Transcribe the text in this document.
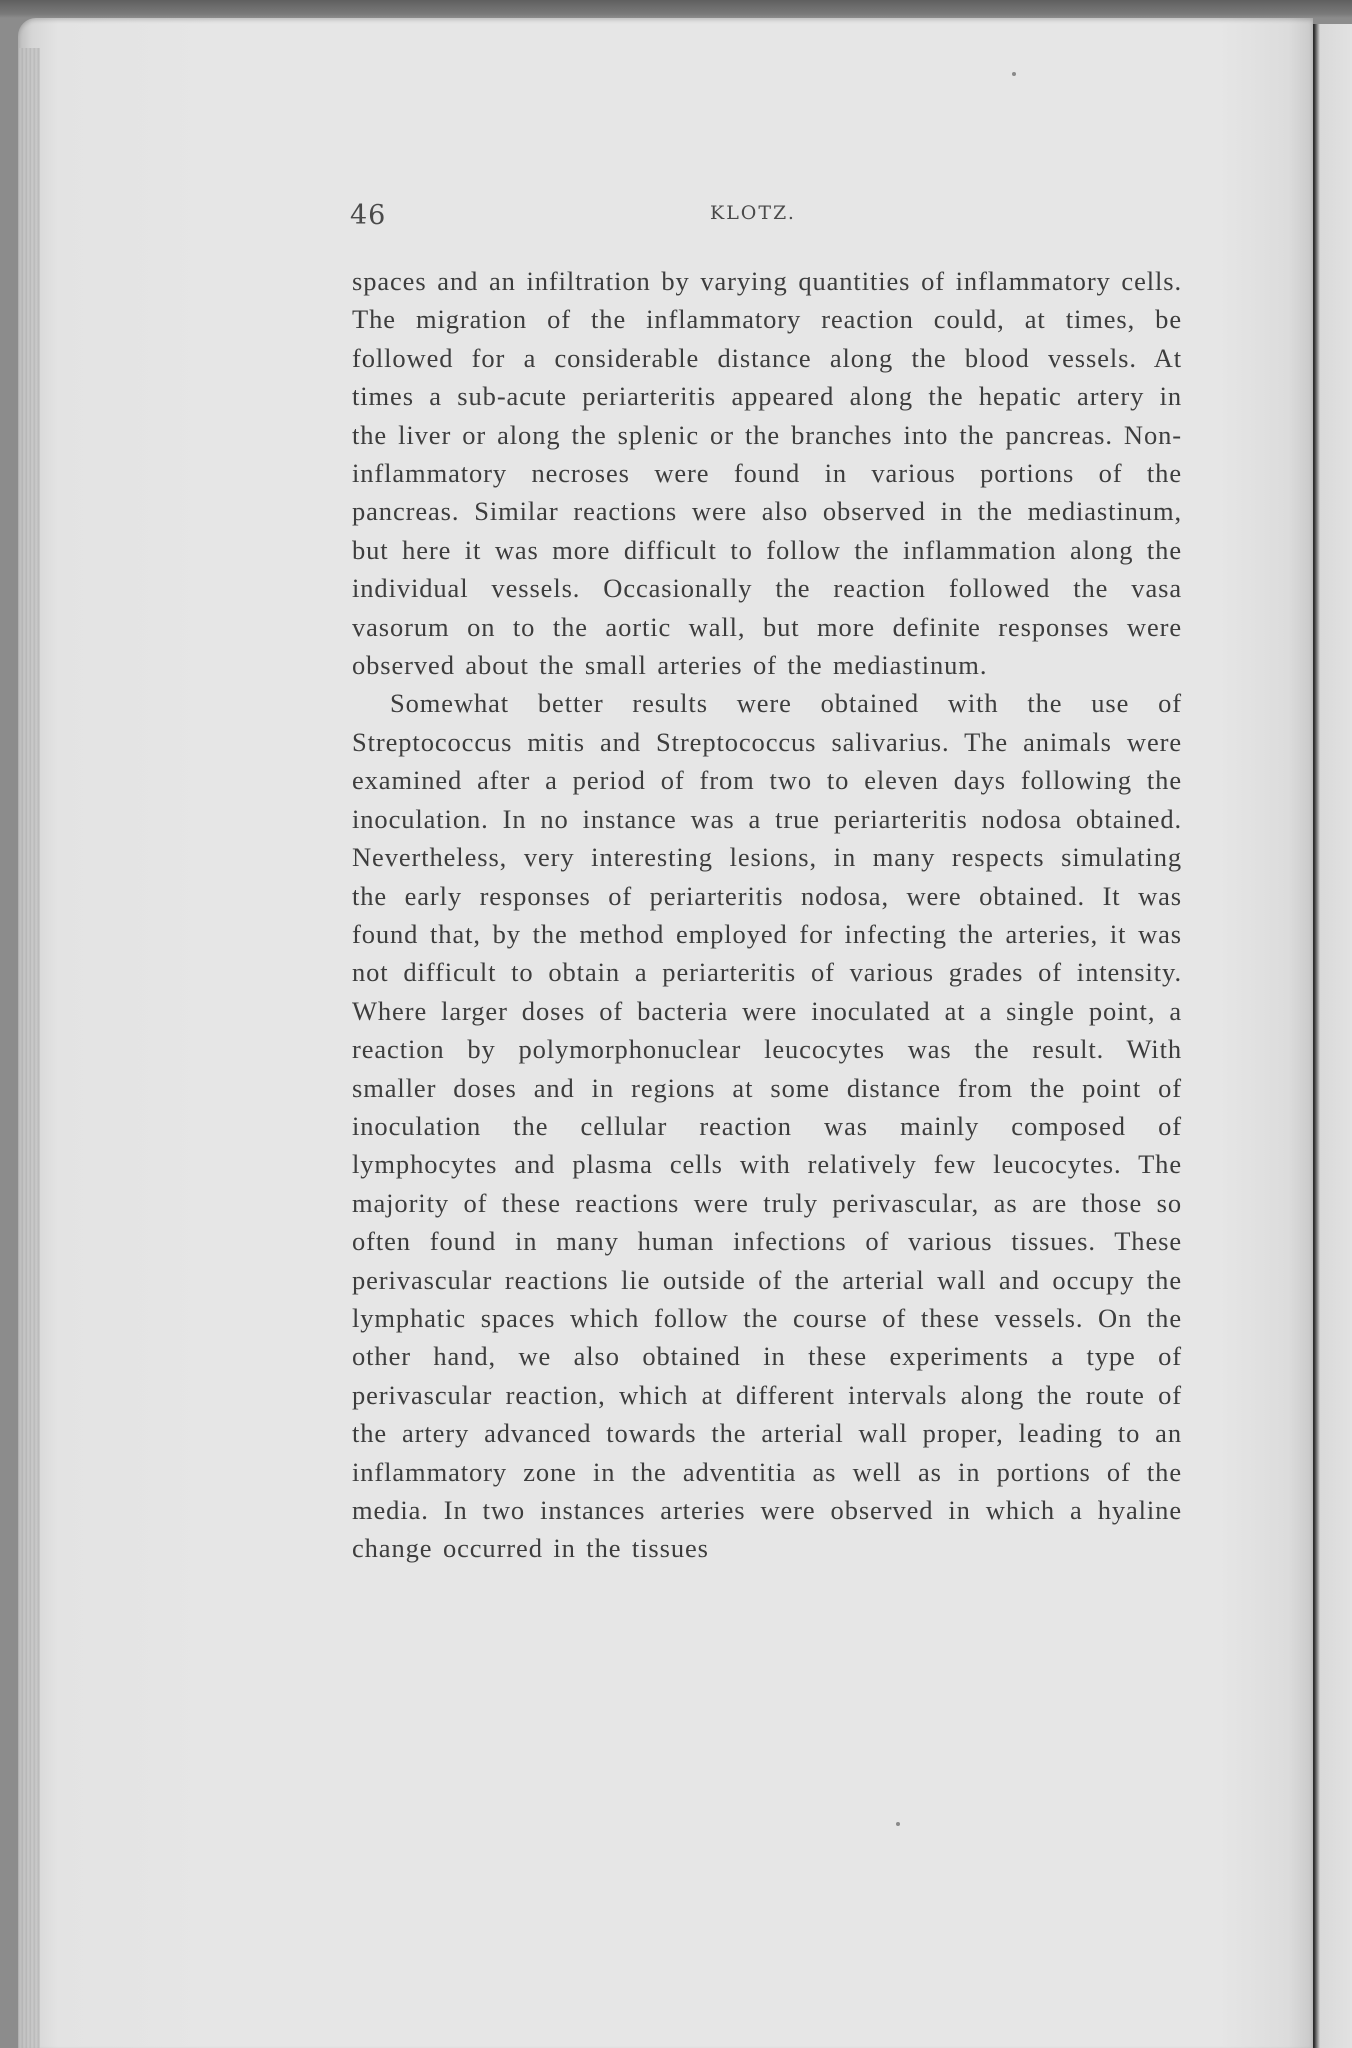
46	KLOTZ.

spaces and an infiltration by varying quantities of inflammatory cells. The migration of the inflammatory reaction could, at times, be followed for a considerable distance along the blood vessels. At times a sub-acute periarteritis appeared along the hepatic artery in the liver or along the splenic or the branches into the pancreas. Non-inflammatory necroses were found in various portions of the pancreas. Similar reactions were also observed in the mediastinum, but here it was more difficult to follow the inflammation along the individual vessels. Occasionally the reaction followed the vasa vasorum on to the aortic wall, but more definite responses were observed about the small arteries of the mediastinum.

Somewhat better results were obtained with the use of Streptococcus mitis and Streptococcus salivarius. The animals were examined after a period of from two to eleven days following the inoculation. In no instance was a true periarteritis nodosa obtained. Nevertheless, very interesting lesions, in many respects simulating the early responses of periarteritis nodosa, were obtained. It was found that, by the method employed for infecting the arteries, it was not difficult to obtain a periarteritis of various grades of intensity. Where larger doses of bacteria were inoculated at a single point, a reaction by polymorphonuclear leucocytes was the result. With smaller doses and in regions at some distance from the point of inoculation the cellular reaction was mainly composed of lymphocytes and plasma cells with relatively few leucocytes. The majority of these reactions were truly perivascular, as are those so often found in many human infections of various tissues. These perivascular reactions lie outside of the arterial wall and occupy the lymphatic spaces which follow the course of these vessels. On the other hand, we also obtained in these experiments a type of perivascular reaction, which at different intervals along the route of the artery advanced towards the arterial wall proper, leading to an inflammatory zone in the adventitia as well as in portions of the media. In two instances arteries were observed in which a hyaline change occurred in the tissues
